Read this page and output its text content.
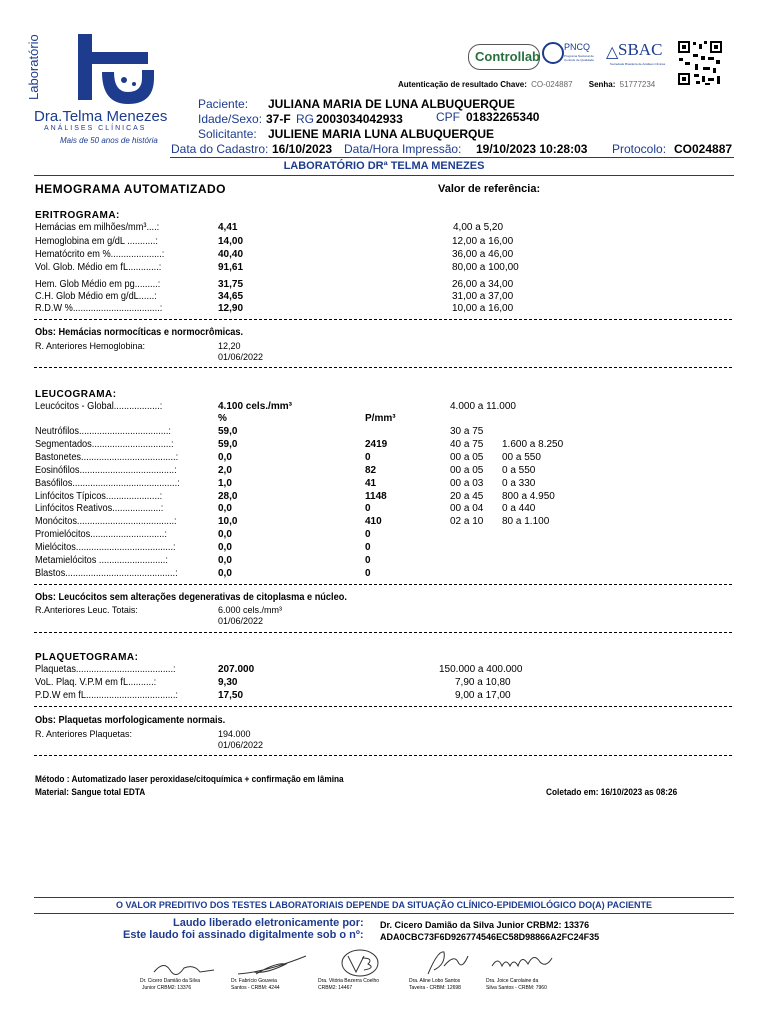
Laboratório
Dra.Telma Menezes
ANÁLISES CLÍNICAS
Mais de 50 anos de história
Controllab
PNCQ
Programa Nacional de Controle de Qualidade
SBAC
△
Sociedade Brasileira de Análises Clínicas
Autenticação de resultado Chave: CO-024887 Senha: 51777234
Paciente: JULIANA MARIA DE LUNA ALBUQUERQUE
Idade/Sexo: 37-F RG 2003034042933	CPF 01832265340
Solicitante: JULIENE MARIA LUNA ALBUQUERQUE
Data do Cadastro: 16/10/2023 Data/Hora Impressão: 19/10/2023 10:28:03 Protocolo: CO024887
LABORATÓRIO DRª TELMA MENEZES
HEMOGRAMA AUTOMATIZADO	Valor de referência:
ERITROGRAMA:
Hemácias em milhões/mm³....:	4,41	4,00 a 5,20
Hemoglobina em g/dL ...........:	14,00	12,00 a 16,00
Hematócrito em %....................:	40,40	36,00 a 46,00
Vol. Glob. Médio em fL............:	91,61	80,00 a 100,00
Hem. Glob Médio em pg.........:	31,75	26,00 a 34,00
C.H. Glob Médio em g/dL......:	34,65	31,00 a 37,00
R.D.W %..................................:	12,90	10,00 a 16,00
Obs: Hemácias normocíticas e normocrômicas.
R. Anteriores Hemoglobina:	12,20
01/06/2022
LEUCOGRAMA:
Leucócitos - Global..................:	4.100 cels./mm³	4.000 a 11.000
%	P/mm³
Neutrófilos...................................:	59,0	30 a 75
Segmentados...............................:	59,0	2419	40 a 75 1.600 a 8.250
Bastonetes.....................................:	0,0	0	00 a 05 00 a 550
Eosinófilos.....................................:	2,0	82	00 a 05 0 a 550
Basófilos.........................................:	1,0	41	00 a 03 0 a 330
Linfócitos Típicos.....................:	28,0	1148	20 a 45 800 a 4.950
Linfócitos Reativos...................:	0,0	0	00 a 04 0 a 440
Monócitos......................................:	10,0	410	02 a 10 80 a 1.100
Promielócitos.............................:	0,0	0
Mielócitos......................................:	0,0	0
Metamielócitos ..........................:	0,0	0
Blastos...........................................:	0,0	0
Obs: Leucócitos sem alterações degenerativas de citoplasma e núcleo.
R.Anteriores Leuc. Totais:	6.000 cels./mm³
01/06/2022
PLAQUETOGRAMA:
Plaquetas......................................:	207.000	150.000 a 400.000
VoL. Plaq. V.P.M em fL..........:	9,30	7,90 a 10,80
P.D.W em fL...................................:	17,50	9,00 a 17,00
Obs: Plaquetas morfologicamente normais.
R. Anteriores Plaquetas:	194.000
01/06/2022
Método : Automatizado laser peroxidase/citoquímica + confirmação em lâmina
Material: Sangue total EDTA	Coletado em: 16/10/2023 as 08:26
O VALOR PREDITIVO DOS TESTES LABORATORIAIS DEPENDE DA SITUAÇÃO CLÍNICO-EPIDEMIOLÓGICO DO(A) PACIENTE
Laudo liberado eletronicamente por: Dr. Cicero Damião da Silva Junior CRBM2: 13376
Este laudo foi assinado digitalmente sob o nº: ADA0CBC73F6D926774546EC58D98866A2FC24F35
Dr. Cicero Damião da Silva
Junior CRBM2: 13376
Dr. Fabrício Gouveia
Santos - CRBM: 4244
Dra. Vitória Bezerra Coelho
CRBM2: 14467
Dra. Aline Lobo Santos
Taveira - CRBM: 12698
Dra. Joice Carolaine da
Silva Santos - CRBM: 7960
